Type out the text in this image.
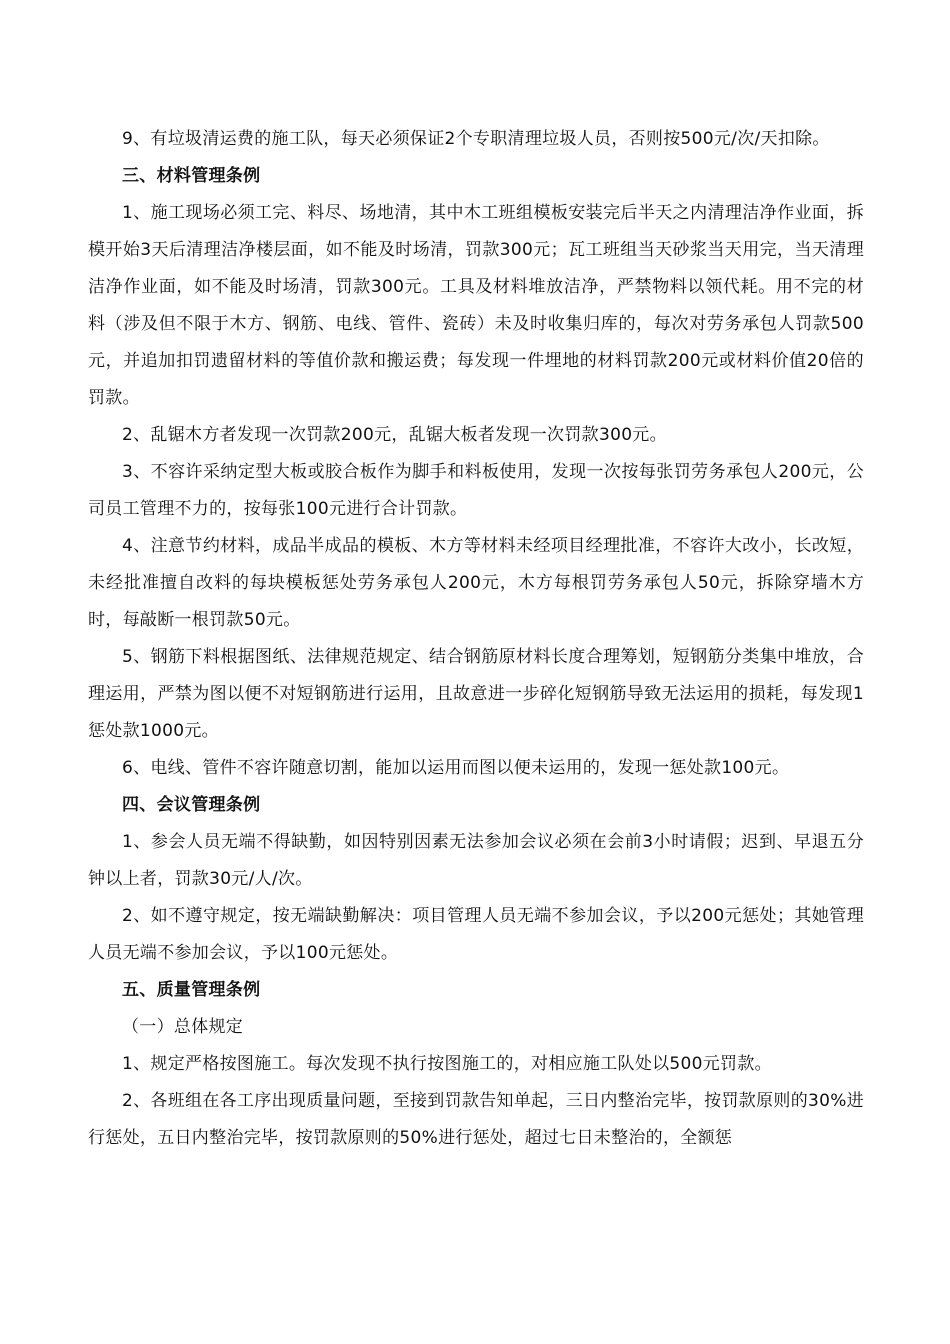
9、有垃圾清运费的施工队，每天必须保证2个专职清理垃圾人员，否则按500元/次/天扣除。

三、材料管理条例

1、施工现场必须工完、料尽、场地清，其中木工班组模板安装完后半天之内清理洁净作业面，拆模开始3天后清理洁净楼层面，如不能及时场清，罚款300元；瓦工班组当天砂浆当天用完，当天清理洁净作业面，如不能及时场清，罚款300元。工具及材料堆放洁净，严禁物料以领代耗。用不完的材料（涉及但不限于木方、钢筋、电线、管件、瓷砖）未及时收集归库的，每次对劳务承包人罚款500元，并追加扣罚遗留材料的等值价款和搬运费；每发现一件埋地的材料罚款200元或材料价值20倍的罚款。

2、乱锯木方者发现一次罚款200元，乱锯大板者发现一次罚款300元。

3、不容许采纳定型大板或胶合板作为脚手和料板使用，发现一次按每张罚劳务承包人200元，公司员工管理不力的，按每张100元进行合计罚款。

4、注意节约材料，成品半成品的模板、木方等材料未经项目经理批准，不容许大改小，长改短，未经批准擅自改料的每块模板惩处劳务承包人200元，木方每根罚劳务承包人50元，拆除穿墙木方时，每敲断一根罚款50元。

5、钢筋下料根据图纸、法律规范规定、结合钢筋原材料长度合理筹划，短钢筋分类集中堆放，合理运用，严禁为图以便不对短钢筋进行运用，且故意进一步碎化短钢筋导致无法运用的损耗，每发现1惩处款1000元。

6、电线、管件不容许随意切割，能加以运用而图以便未运用的，发现一惩处款100元。

四、会议管理条例

1、参会人员无端不得缺勤，如因特别因素无法参加会议必须在会前3小时请假；迟到、早退五分钟以上者，罚款30元/人/次。

2、如不遵守规定，按无端缺勤解决：项目管理人员无端不参加会议，予以200元惩处；其她管理人员无端不参加会议，予以100元惩处。

五、质量管理条例

（一）总体规定

1、规定严格按图施工。每次发现不执行按图施工的，对相应施工队处以500元罚款。

2、各班组在各工序出现质量问题，至接到罚款告知单起，三日内整治完毕，按罚款原则的30%进行惩处，五日内整治完毕，按罚款原则的50%进行惩处，超过七日未整治的，全额惩
